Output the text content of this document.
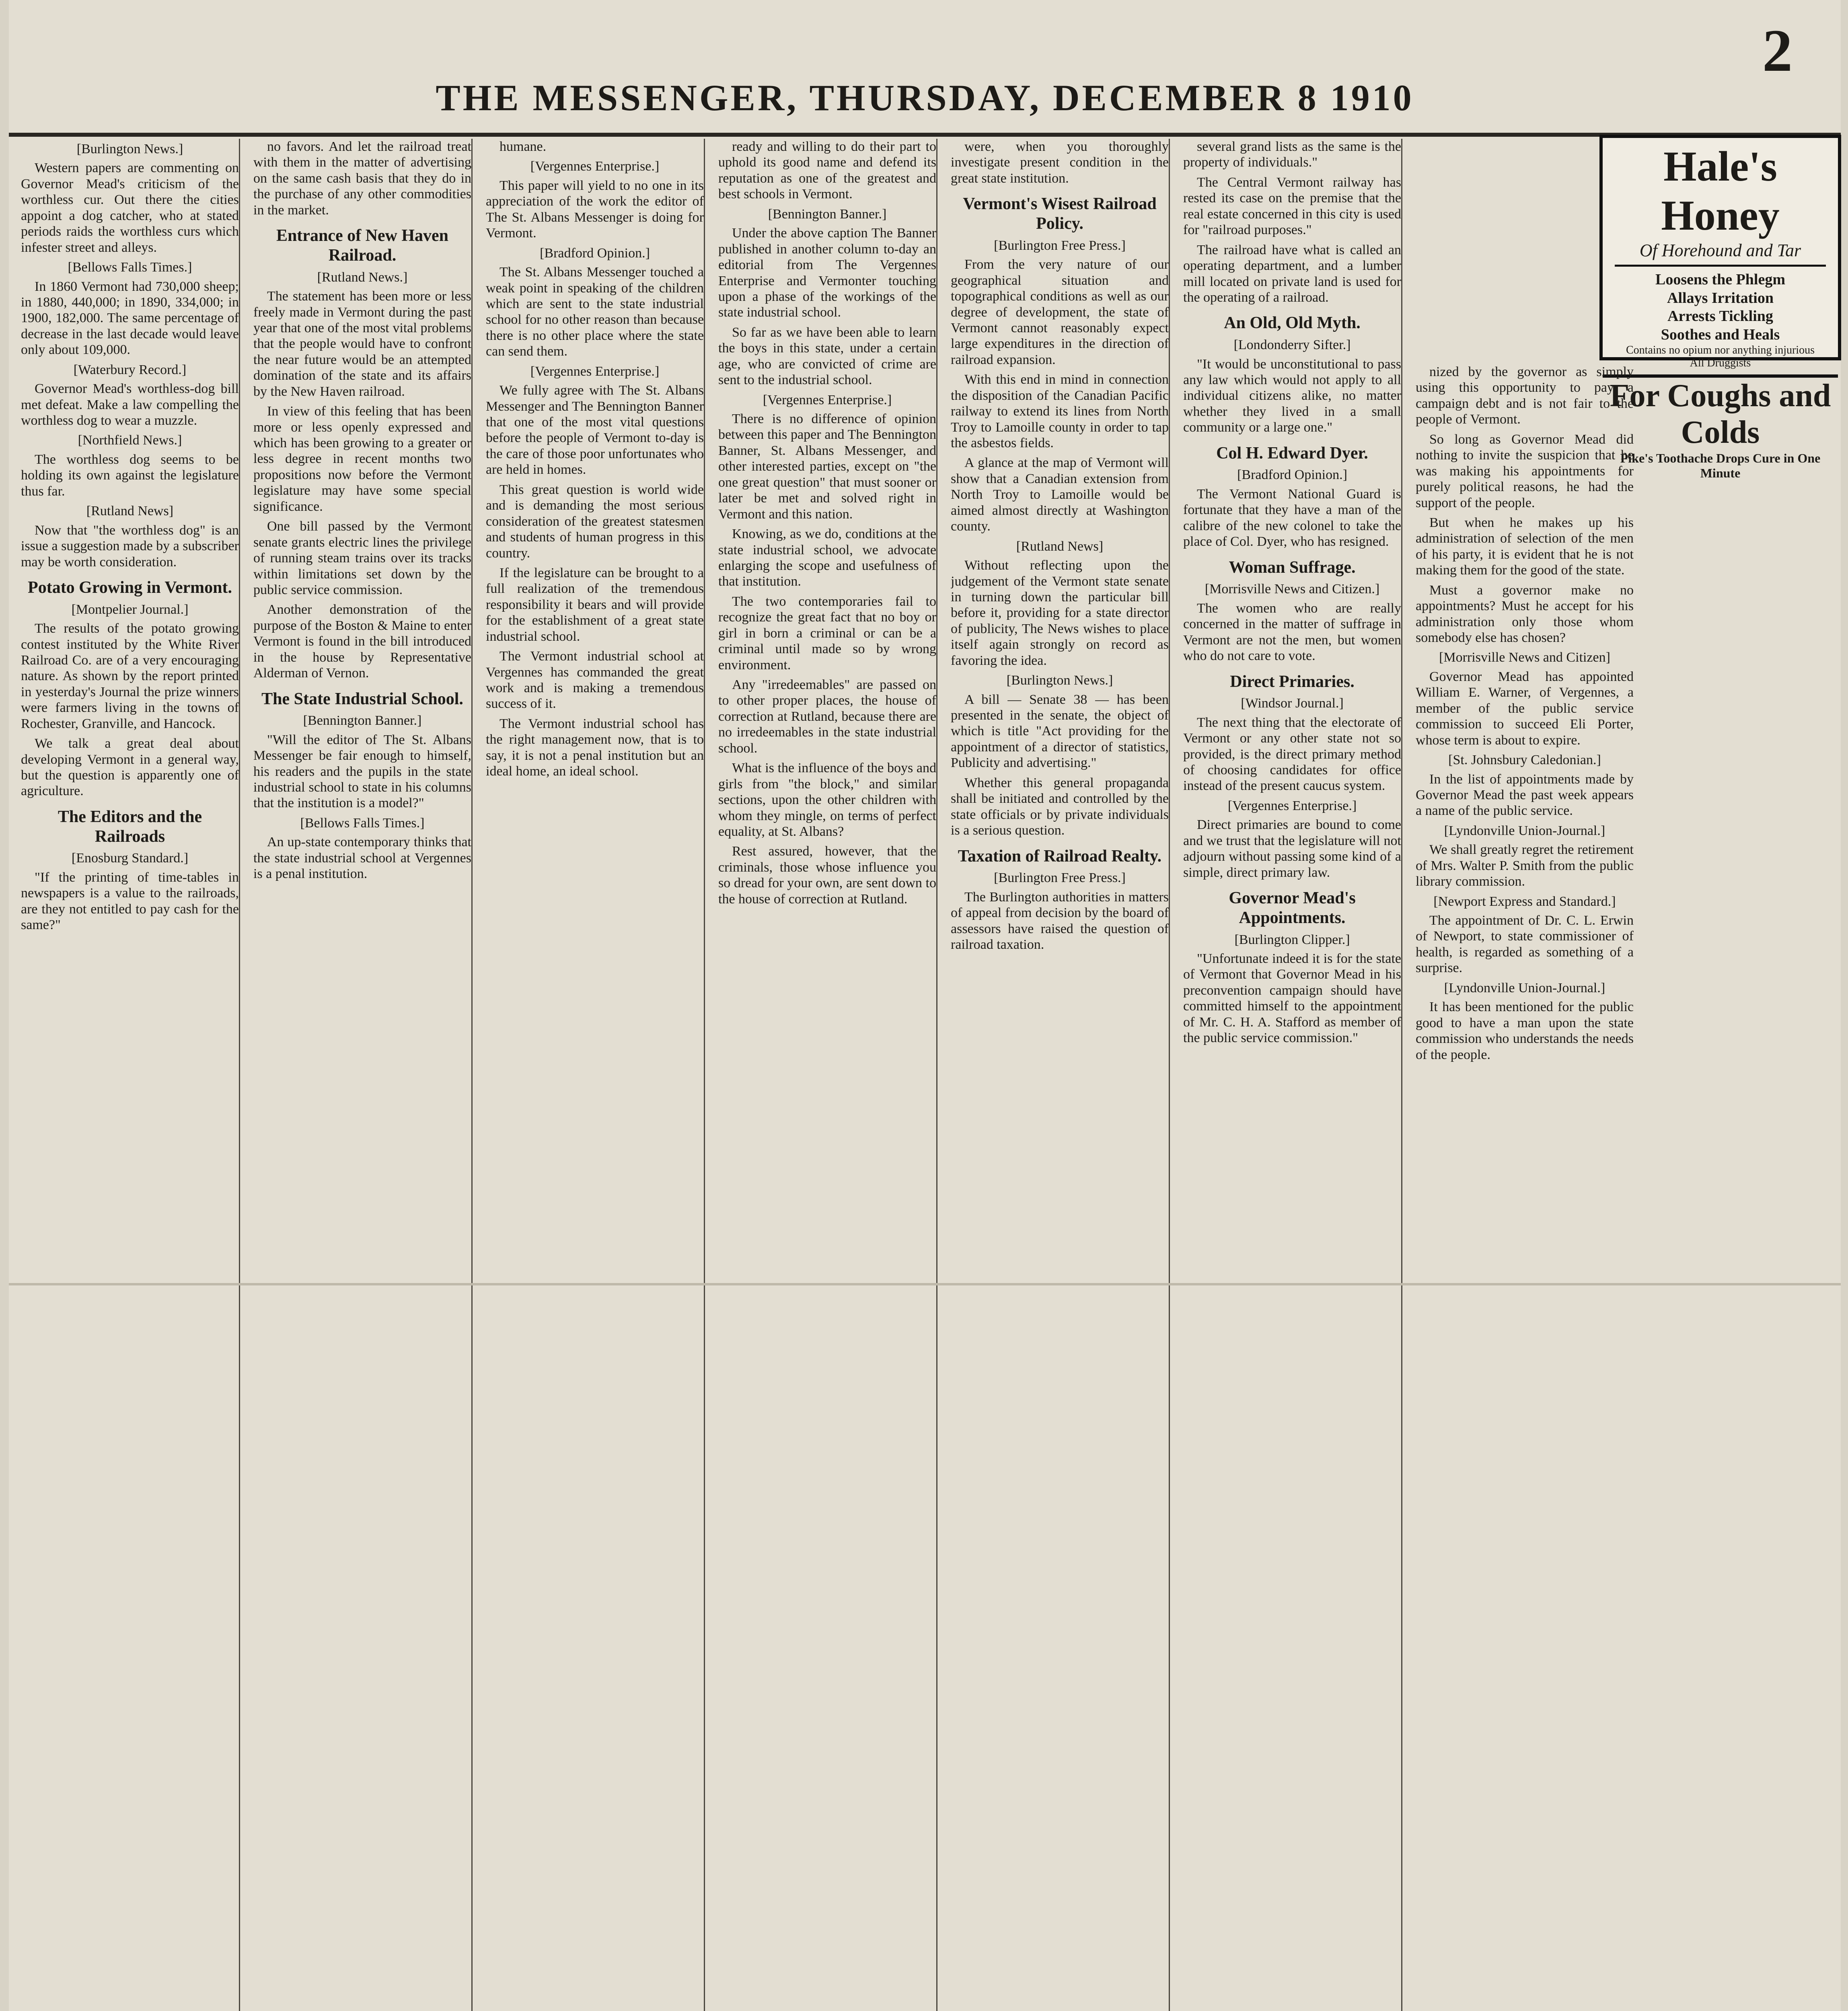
THE MESSENGER, THURSDAY, DECEMBER 8 1910
2
Hale's Honey
Of Horehound and Tar
Loosens the Phlegm
Allays Irritation
Arrests Tickling
Soothes and Heals
Contains no opium nor anything injurious
All Druggists
For Coughs and Colds
Pike's Toothache Drops Cure in One Minute
[Burlington News.]

Western papers are commenting on Governor Mead's criticism of the worthless cur. Out there the cities appoint a dog catcher, who at stated periods raids the worthless curs which infester street and alleys.

[Bellows Falls Times.]

In 1860 Vermont had 730,000 sheep; in 1880, 440,000; in 1890, 334,000; in 1900, 182,000. The same percentage of decrease in the last decade would leave only about 109,000.

[Waterbury Record.]

Governor Mead's worthless-dog bill met defeat. Make a law compelling the worthless dog to wear a muzzle.

[Northfield News.]

The worthless dog seems to be holding its own against the legislature thus far.

[Rutland News]

Now that "the worthless dog" is an issue a suggestion made by a subscriber may be worth consideration.

Potato Growing in Vermont.
[Montpelier Journal.]

The results of the potato growing contest instituted by the White River Railroad Co. are of a very encouraging nature. As shown by the report printed in yesterday's Journal the prize winners were farmers living in the towns of Rochester, Granville, and Hancock.

We talk a great deal about developing Vermont in a general way, but the question is apparently one of agriculture.

The Editors and the Railroads
[Enosburg Standard.]

"If the printing of time-tables in newspapers is a value to the railroads, are they not entitled to pay cash for the same?"

no favors. And let the railroad treat with them in the matter of advertising on the same cash basis that they do in the purchase of any other commodities in the market.

Entrance of New Haven Railroad.
[Rutland News.]

The statement has been more or less freely made in Vermont during the past year that one of the most vital problems that the people would have to confront the near future would be an attempted domination of the state and its affairs by the New Haven railroad.

In view of this feeling that has been more or less openly expressed and which has been growing to a greater or less degree in recent months two propositions now before the Vermont legislature may have some special significance.

One bill passed by the Vermont senate grants electric lines the privilege of running steam trains over its tracks within limitations set down by the public service commission.

Another demonstration of the purpose of the Boston & Maine to enter Vermont is found in the bill introduced in the house by Representative Alderman of Vernon.

The State Industrial School.
[Bennington Banner.]

"Will the editor of The St. Albans Messenger be fair enough to himself, his readers and the pupils in the state industrial school to state in his columns that the institution is a model?"

[Bellows Falls Times.]

An up-state contemporary thinks that the state industrial school at Vergennes is a penal institution.

humane.

[Vergennes Enterprise.]

This paper will yield to no one in its appreciation of the work the editor of The St. Albans Messenger is doing for Vermont.

[Bradford Opinion.]

The St. Albans Messenger touched a weak point in speaking of the children which are sent to the state industrial school for no other reason than because there is no other place where the state can send them.

[Vergennes Enterprise.]

We fully agree with The St. Albans Messenger and The Bennington Banner that one of the most vital questions before the people of Vermont to-day is the care of those poor unfortunates who are held in homes.

This great question is world wide and is demanding the most serious consideration of the greatest statesmen and students of human progress in this country.

If the legislature can be brought to a full realization of the tremendous responsibility it bears and will provide for the establishment of a great state industrial school.

The Vermont industrial school at Vergennes has commanded the great work and is making a tremendous success of it.

The Vermont industrial school has the right management now, that is to say, it is not a penal institution but an ideal home, an ideal school.

ready and willing to do their part to uphold its good name and defend its reputation as one of the greatest and best schools in Vermont.

[Bennington Banner.]

Under the above caption The Banner published in another column to-day an editorial from The Vergennes Enterprise and Vermonter touching upon a phase of the workings of the state industrial school.

So far as we have been able to learn the boys in this state, under a certain age, who are convicted of crime are sent to the industrial school.

[Vergennes Enterprise.]

There is no difference of opinion between this paper and The Bennington Banner, St. Albans Messenger, and other interested parties, except on "the one great question" that must sooner or later be met and solved right in Vermont and this nation.

Knowing, as we do, conditions at the state industrial school, we advocate enlarging the scope and usefulness of that institution.

The two contemporaries fail to recognize the great fact that no boy or girl in born a criminal or can be a criminal until made so by wrong environment.

Any "irredeemables" are passed on to other proper places, the house of correction at Rutland, because there are no irredeemables in the state industrial school.

What is the influence of the boys and girls from "the block," and similar sections, upon the other children with whom they mingle, on terms of perfect equality, at St. Albans?

Rest assured, however, that the criminals, those whose influence you so dread for your own, are sent down to the house of correction at Rutland.

were, when you thoroughly investigate present condition in the great state institution.

Vermont's Wisest Railroad Policy.
[Burlington Free Press.]

From the very nature of our geographical situation and topographical conditions as well as our degree of development, the state of Vermont cannot reasonably expect large expenditures in the direction of railroad expansion.

With this end in mind in connection the disposition of the Canadian Pacific railway to extend its lines from North Troy to Lamoille county in order to tap the asbestos fields.

A glance at the map of Vermont will show that a Canadian extension from North Troy to Lamoille would be aimed almost directly at Washington county.

[Rutland News]

Without reflecting upon the judgement of the Vermont state senate in turning down the particular bill before it, providing for a state director of publicity, The News wishes to place itself again strongly on record as favoring the idea.

[Burlington News.]

A bill — Senate 38 — has been presented in the senate, the object of which is title "Act providing for the appointment of a director of statistics, Publicity and advertising."

Whether this general propaganda shall be initiated and controlled by the state officials or by private individuals is a serious question.

Taxation of Railroad Realty.
[Burlington Free Press.]

The Burlington authorities in matters of appeal from decision by the board of assessors have raised the question of railroad taxation.

several grand lists as the same is the property of individuals."

The Central Vermont railway has rested its case on the premise that the real estate concerned in this city is used for "railroad purposes."

The railroad have what is called an operating department, and a lumber mill located on private land is used for the operating of a railroad.

An Old, Old Myth.
[Londonderry Sifter.]

"It would be unconstitutional to pass any law which would not apply to all individual citizens alike, no matter whether they lived in a small community or a large one."

Col H. Edward Dyer.
[Bradford Opinion.]

The Vermont National Guard is fortunate that they have a man of the calibre of the new colonel to take the place of Col. Dyer, who has resigned.

Woman Suffrage.
[Morrisville News and Citizen.]

The women who are really concerned in the matter of suffrage in Vermont are not the men, but women who do not care to vote.

Direct Primaries.
[Windsor Journal.]

The next thing that the electorate of Vermont or any other state not so provided, is the direct primary method of choosing candidates for office instead of the present caucus system.

[Vergennes Enterprise.]

Direct primaries are bound to come and we trust that the legislature will not adjourn without passing some kind of a simple, direct primary law.

Governor Mead's Appointments.
[Burlington Clipper.]

"Unfortunate indeed it is for the state of Vermont that Governor Mead in his preconvention campaign should have committed himself to the appointment of Mr. C. H. A. Stafford as member of the public service commission."

nized by the governor as simply using this opportunity to pay a campaign debt and is not fair to the people of Vermont.

So long as Governor Mead did nothing to invite the suspicion that he was making his appointments for purely political reasons, he had the support of the people.

But when he makes up his administration of selection of the men of his party, it is evident that he is not making them for the good of the state.

Must a governor make no appointments? Must he accept for his administration only those whom somebody else has chosen?

[Morrisville News and Citizen]

Governor Mead has appointed William E. Warner, of Vergennes, a member of the public service commission to succeed Eli Porter, whose term is about to expire.

[St. Johnsbury Caledonian.]

In the list of appointments made by Governor Mead the past week appears a name of the public service.

[Lyndonville Union-Journal.]

We shall greatly regret the retirement of Mrs. Walter P. Smith from the public library commission.

[Newport Express and Standard.]

The appointment of Dr. C. L. Erwin of Newport, to state commissioner of health, is regarded as something of a surprise.

[Lyndonville Union-Journal.]

It has been mentioned for the public good to have a man upon the state commission who understands the needs of the people.
